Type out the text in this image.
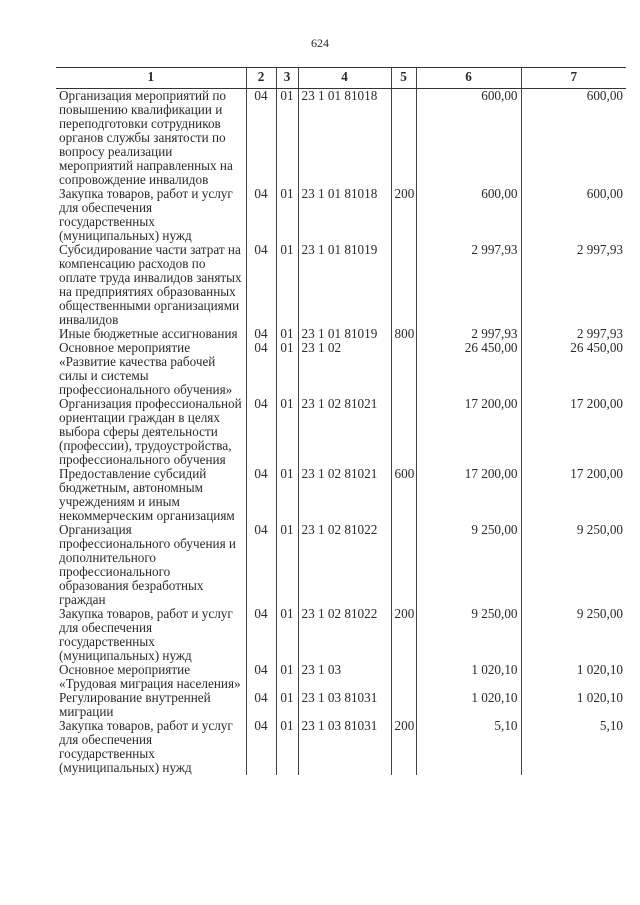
624
1	2	3	4	5	6	7
Организация мероприятий по повышению квалификации и переподготовки сотрудников органов службы занятости по вопросу реализации мероприятий направленных на сопровождение инвалидов	04	01	23 1 01 81018		600,00	600,00
Закупка товаров, работ и услуг для обеспечения государственных (муниципальных) нужд	04	01	23 1 01 81018	200	600,00	600,00
Субсидирование части затрат на компенсацию расходов по оплате труда инвалидов занятых на предприятиях образованных общественными организациями инвалидов	04	01	23 1 01 81019		2 997,93	2 997,93
Иные бюджетные ассигнования	04	01	23 1 01 81019	800	2 997,93	2 997,93
Основное мероприятие «Развитие качества рабочей силы и системы профессионального обучения»	04	01	23 1 02		26 450,00	26 450,00
Организация профессиональной ориентации граждан в целях выбора сферы деятельности (профессии), трудоустройства, профессионального обучения	04	01	23 1 02 81021		17 200,00	17 200,00
Предоставление субсидий бюджетным, автономным учреждениям и иным некоммерческим организациям	04	01	23 1 02 81021	600	17 200,00	17 200,00
Организация профессионального обучения и дополнительного профессионального образования безработных граждан	04	01	23 1 02 81022		9 250,00	9 250,00
Закупка товаров, работ и услуг для обеспечения государственных (муниципальных) нужд	04	01	23 1 02 81022	200	9 250,00	9 250,00
Основное мероприятие «Трудовая миграция населения»	04	01	23 1 03		1 020,10	1 020,10
Регулирование внутренней миграции	04	01	23 1 03 81031		1 020,10	1 020,10
Закупка товаров, работ и услуг для обеспечения государственных (муниципальных) нужд	04	01	23 1 03 81031	200	5,10	5,10
